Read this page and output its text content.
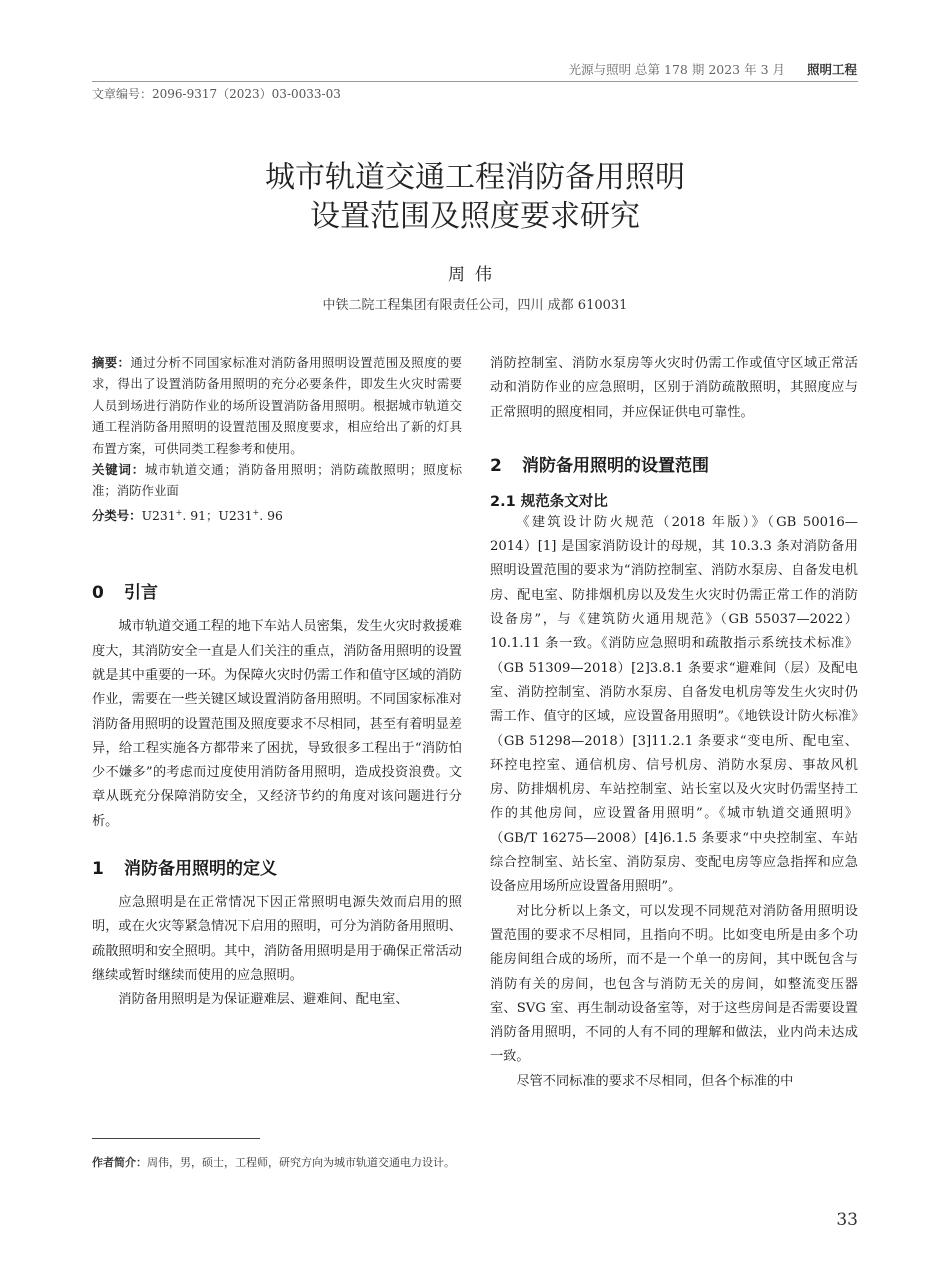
光源与照明 总第 178 期 2023 年 3 月 照明工程
文章编号：2096-9317（2023）03-0033-03
城市轨道交通工程消防备用照明
设置范围及照度要求研究
周伟
中铁二院工程集团有限责任公司，四川 成都 610031
摘要：通过分析不同国家标准对消防备用照明设置范围及照度的要求，得出了设置消防备用照明的充分必要条件，即发生火灾时需要人员到场进行消防作业的场所设置消防备用照明。根据城市轨道交通工程消防备用照明的设置范围及照度要求，相应给出了新的灯具布置方案，可供同类工程参考和使用。
关键词：城市轨道交通；消防备用照明；消防疏散照明；照度标准；消防作业面
分类号：U231+. 91；U231+. 96
0 引言

城市轨道交通工程的地下车站人员密集，发生火灾时救援难度大，其消防安全一直是人们关注的重点，消防备用照明的设置就是其中重要的一环。为保障火灾时仍需工作和值守区域的消防作业，需要在一些关键区域设置消防备用照明。不同国家标准对消防备用照明的设置范围及照度要求不尽相同，甚至有着明显差异，给工程实施各方都带来了困扰，导致很多工程出于“消防怕少不嫌多”的考虑而过度使用消防备用照明，造成投资浪费。文章从既充分保障消防安全，又经济节约的角度对该问题进行分析。

1 消防备用照明的定义

应急照明是在正常情况下因正常照明电源失效而启用的照明，或在火灾等紧急情况下启用的照明，可分为消防备用照明、疏散照明和安全照明。其中，消防备用照明是用于确保正常活动继续或暂时继续而使用的应急照明。

消防备用照明是为保证避难层、避难间、配电室、

作者简介：周伟，男，硕士，工程师，研究方向为城市轨道交通电力设计。

消防控制室、消防水泵房等火灾时仍需工作或值守区域正常活动和消防作业的应急照明，区别于消防疏散照明，其照度应与正常照明的照度相同，并应保证供电可靠性。

2 消防备用照明的设置范围
2.1 规范条文对比

《建筑设计防火规范（2018 年版）》（GB 50016—2014）[1] 是国家消防设计的母规，其 10.3.3 条对消防备用照明设置范围的要求为“消防控制室、消防水泵房、自备发电机房、配电室、防排烟机房以及发生火灾时仍需正常工作的消防设备房”，与《建筑防火通用规范》（GB 55037—2022）10.1.11 条一致。《消防应急照明和疏散指示系统技术标准》（GB 51309—2018）[2]3.8.1 条要求“避难间（层）及配电室、消防控制室、消防水泵房、自备发电机房等发生火灾时仍需工作、值守的区域，应设置备用照明”。《地铁设计防火标准》（GB 51298—2018）[3]11.2.1 条要求“变电所、配电室、环控电控室、通信机房、信号机房、消防水泵房、事故风机房、防排烟机房、车站控制室、站长室以及火灾时仍需坚持工作的其他房间，应设置备用照明”。《城市轨道交通照明》（GB/T 16275—2008）[4]6.1.5 条要求“中央控制室、车站综合控制室、站长室、消防泵房、变配电房等应急指挥和应急设备应用场所应设置备用照明”。

对比分析以上条文，可以发现不同规范对消防备用照明设置范围的要求不尽相同，且指向不明。比如变电所是由多个功能房间组合成的场所，而不是一个单一的房间，其中既包含与消防有关的房间，也包含与消防无关的房间，如整流变压器室、SVG 室、再生制动设备室等，对于这些房间是否需要设置消防备用照明，不同的人有不同的理解和做法，业内尚未达成一致。

尽管不同标准的要求不尽相同，但各个标准的中

33
